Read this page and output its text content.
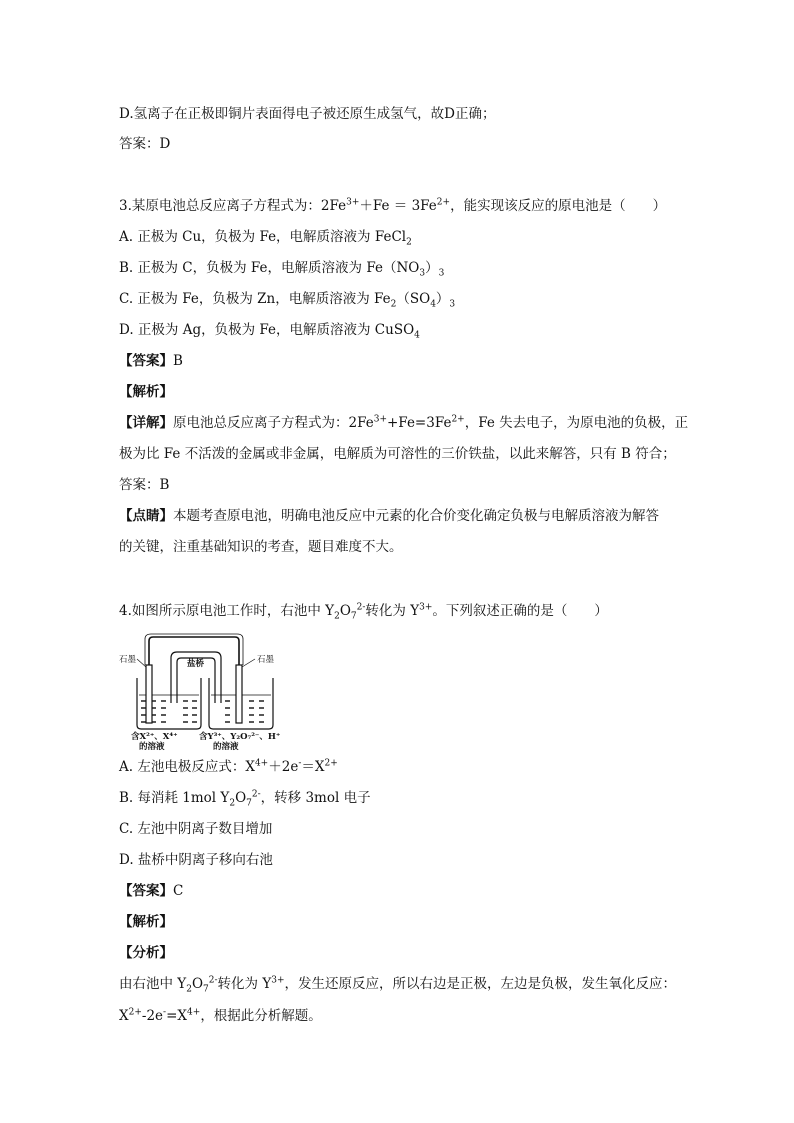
D.氢离子在正极即铜片表面得电子被还原生成氢气，故D正确；
答案：D
3.某原电池总反应离子方程式为：$2Fe^{3+}+Fe = 3Fe^{2+}$，能实现该反应的原电池是（　　）
A. 正极为 Cu，负极为 Fe，电解质溶液为 FeCl$_2$
B. 正极为 C，负极为 Fe，电解质溶液为 $Fe(NO_3)_3$
C. 正极为 Fe，负极为 Zn，电解质溶液为 $Fe_2(SO_4)_3$
D. 正极为 Ag，负极为 Fe，电解质溶液为 CuSO$_4$
【答案】B
【解析】
【详解】原电池总反应离子方程式为：$2Fe^{3+}+Fe=3Fe^{2+}$，Fe 失去电子，为原电池的负极，正
极为比 Fe 不活泼的金属或非金属，电解质为可溶性的三价铁盐，以此来解答，只有 B 符合；
答案：B
【点睛】本题考查原电池，明确电池反应中元素的化合价变化确定负极与电解质溶液为解答
的关键，注重基础知识的考查，题目难度不大。
4.如图所示原电池工作时，右池中 $Y_2O_7^{2-}$转化为 $Y^{3+}$。下列叙述正确的是（　　）
盐桥
石墨	石墨
含X²⁺、X⁴⁺
的溶液
含Y³⁺、Y₂O₇²⁻、H⁺
的溶液
A. 左池电极反应式：$X^{4+}+2e^-=X^{2+}$
B. 每消耗 1mol $Y_2O_7^{2-}$，转移 3mol 电子
C. 左池中阴离子数目增加
D. 盐桥中阴离子移向右池
【答案】C
【解析】
【分析】
由右池中 $Y_2O_7^{2-}$转化为 $Y^{3+}$，发生还原反应，所以右边是正极，左边是负极，发生氧化反应：
$X^{2+}-2e^-=X^{4+}$，根据此分析解题。
